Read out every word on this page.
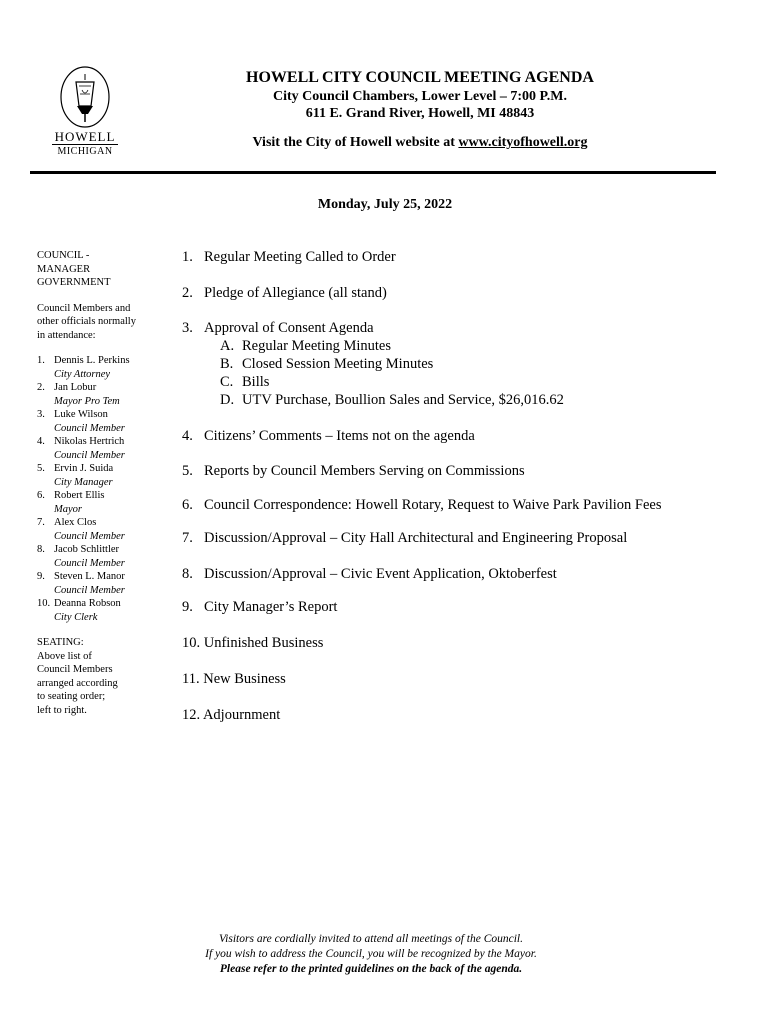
HOWELL
MICHIGAN
HOWELL CITY COUNCIL MEETING AGENDA
City Council Chambers, Lower Level – 7:00 P.M.
611 E. Grand River, Howell, MI 48843
Visit the City of Howell website at www.cityofhowell.org
Monday, July 25, 2022

COUNCIL -

MANAGER

GOVERNMENT

Council Members and

other officials normally

in attendance:

1. Dennis L. Perkins
City Attorney
2. Jan Lobur
Mayor Pro Tem
3. Luke Wilson
Council Member
4. Nikolas Hertrich
Council Member
5. Ervin J. Suida
City Manager
6. Robert Ellis
Mayor
7. Alex Clos
Council Member
8. Jacob Schlittler
Council Member
9. Steven L. Manor
Council Member
10. Deanna Robson
City Clerk

SEATING:

Above list of

Council Members

arranged according

to seating order;

left to right.

1. Regular Meeting Called to Order
2. Pledge of Allegiance (all stand)
3. Approval of Consent Agenda
A. Regular Meeting Minutes
B. Closed Session Meeting Minutes
C. Bills
D. UTV Purchase, Boullion Sales and Service, $26,016.62
4. Citizens’ Comments – Items not on the agenda
5. Reports by Council Members Serving on Commissions
6. Council Correspondence: Howell Rotary, Request to Waive Park Pavilion Fees
7. Discussion/Approval – City Hall Architectural and Engineering Proposal
8. Discussion/Approval – Civic Event Application, Oktoberfest
9. City Manager’s Report
10. Unfinished Business
11. New Business
12. Adjournment
Visitors are cordially invited to attend all meetings of the Council.
If you wish to address the Council, you will be recognized by the Mayor.
Please refer to the printed guidelines on the back of the agenda.
